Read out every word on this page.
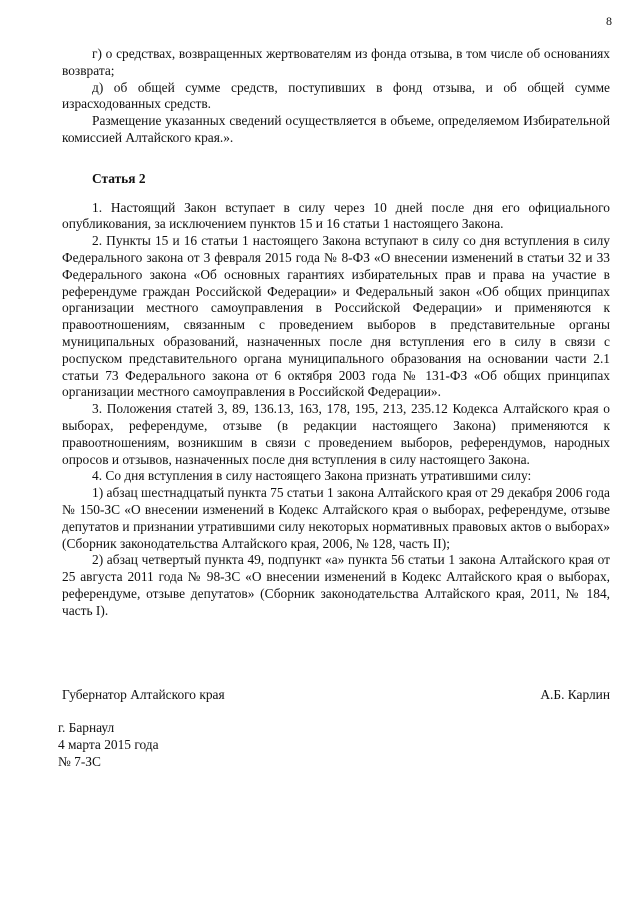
8

г) о средствах, возвращенных жертвователям из фонда отзыва, в том числе об основаниях возврата;

д) об общей сумме средств, поступивших в фонд отзыва, и об общей сумме израсходованных средств.

Размещение указанных сведений осуществляется в объеме, определяемом Избирательной комиссией Алтайского края.».

Статья 2

1. Настоящий Закон вступает в силу через 10 дней после дня его официального опубликования, за исключением пунктов 15 и 16 статьи 1 настоящего Закона.

2. Пункты 15 и 16 статьи 1 настоящего Закона вступают в силу со дня вступления в силу Федерального закона от 3 февраля 2015 года № 8-ФЗ «О внесении изменений в статьи 32 и 33 Федерального закона «Об основных гарантиях избирательных прав и права на участие в референдуме граждан Российской Федерации» и Федеральный закон «Об общих принципах организации местного самоуправления в Российской Федерации» и применяются к правоотношениям, связанным с проведением выборов в представительные органы муниципальных образований, назначенных после дня вступления его в силу в связи с роспуском представительного органа муниципального образования на основании части 2.1 статьи 73 Федерального закона от 6 октября 2003 года № 131-ФЗ «Об общих принципах организации местного самоуправления в Российской Федерации».

3. Положения статей 3, 89, 136.13, 163, 178, 195, 213, 235.12 Кодекса Алтайского края о выборах, референдуме, отзыве (в редакции настоящего Закона) применяются к правоотношениям, возникшим в связи с проведением выборов, референдумов, народных опросов и отзывов, назначенных после дня вступления в силу настоящего Закона.

4. Со дня вступления в силу настоящего Закона признать утратившими силу:

1) абзац шестнадцатый пункта 75 статьи 1 закона Алтайского края от 29 декабря 2006 года № 150-ЗС «О внесении изменений в Кодекс Алтайского края о выборах, референдуме, отзыве депутатов и признании утратившими силу некоторых нормативных правовых актов о выборах» (Сборник законодательства Алтайского края, 2006, № 128, часть II);

2) абзац четвертый пункта 49, подпункт «а» пункта 56 статьи 1 закона Алтайского края от 25 августа 2011 года № 98-ЗС «О внесении изменений в Кодекс Алтайского края о выборах, референдуме, отзыве депутатов» (Сборник законодательства Алтайского края, 2011, № 184, часть I).

Губернатор Алтайского края	А.Б. Карлин
г. Барнаул
4 марта 2015 года
№ 7-ЗС
